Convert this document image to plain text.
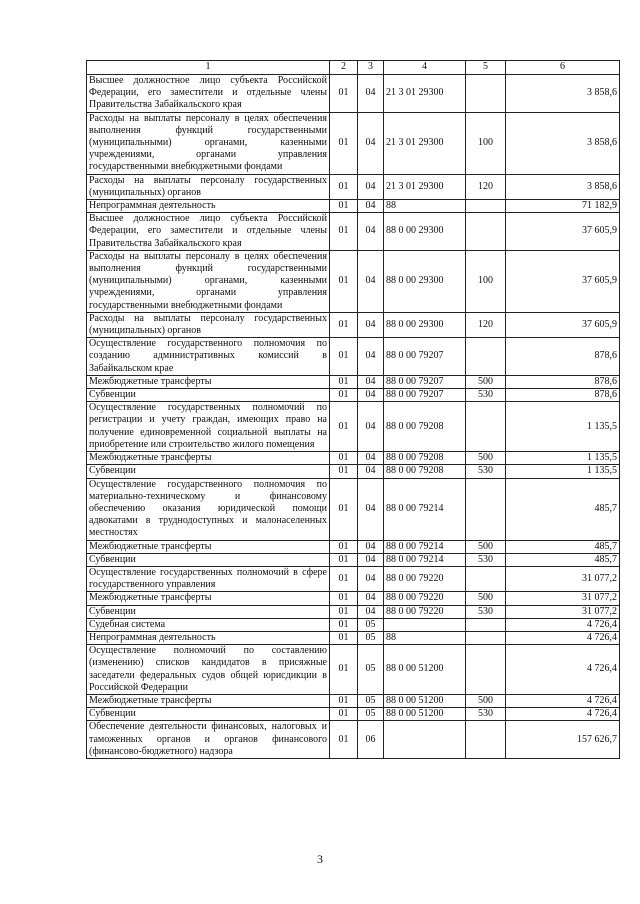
1	2	3	4	5	6
Высшее должностное лицо субъекта Российской Федерации, его заместители и отдельные члены Правительства Забайкальского края	01	04	21 3 01 29300		3 858,6
Расходы на выплаты персоналу в целях обеспечения выполнения функций государственными (муниципальными) органами, казенными учреждениями, органами управления государственными внебюджетными фондами	01	04	21 3 01 29300	100	3 858,6
Расходы на выплаты персоналу государственных (муниципальных) органов	01	04	21 3 01 29300	120	3 858,6
Непрограммная деятельность	01	04	88		71 182,9
Высшее должностное лицо субъекта Российской Федерации, его заместители и отдельные члены Правительства Забайкальского края	01	04	88 0 00 29300		37 605,9
Расходы на выплаты персоналу в целях обеспечения выполнения функций государственными (муниципальными) органами, казенными учреждениями, органами управления государственными внебюджетными фондами	01	04	88 0 00 29300	100	37 605,9
Расходы на выплаты персоналу государственных (муниципальных) органов	01	04	88 0 00 29300	120	37 605,9
Осуществление государственного полномочия по созданию административных комиссий в Забайкальском крае	01	04	88 0 00 79207		878,6
Межбюджетные трансферты	01	04	88 0 00 79207	500	878,6
Субвенции	01	04	88 0 00 79207	530	878,6
Осуществление государственных полномочий по регистрации и учету граждан, имеющих право на получение единовременной социальной выплаты на приобретение или строительство жилого помещения	01	04	88 0 00 79208		1 135,5
Межбюджетные трансферты	01	04	88 0 00 79208	500	1 135,5
Субвенции	01	04	88 0 00 79208	530	1 135,5
Осуществление государственного полномочия по материально-техническому и финансовому обеспечению оказания юридической помощи адвокатами в труднодоступных и малонаселенных местностях	01	04	88 0 00 79214		485,7
Межбюджетные трансферты	01	04	88 0 00 79214	500	485,7
Субвенции	01	04	88 0 00 79214	530	485,7
Осуществление государственных полномочий в сфере государственного управления	01	04	88 0 00 79220		31 077,2
Межбюджетные трансферты	01	04	88 0 00 79220	500	31 077,2
Субвенции	01	04	88 0 00 79220	530	31 077,2
Судебная система	01	05			4 726,4
Непрограммная деятельность	01	05	88		4 726,4
Осуществление полномочий по составлению (изменению) списков кандидатов в присяжные заседатели федеральных судов общей юрисдикции в Российской Федерации	01	05	88 0 00 51200		4 726,4
Межбюджетные трансферты	01	05	88 0 00 51200	500	4 726,4
Субвенции	01	05	88 0 00 51200	530	4 726,4
Обеспечение деятельности финансовых, налоговых и таможенных органов и органов финансового (финансово-бюджетного) надзора	01	06			157 626,7
3
